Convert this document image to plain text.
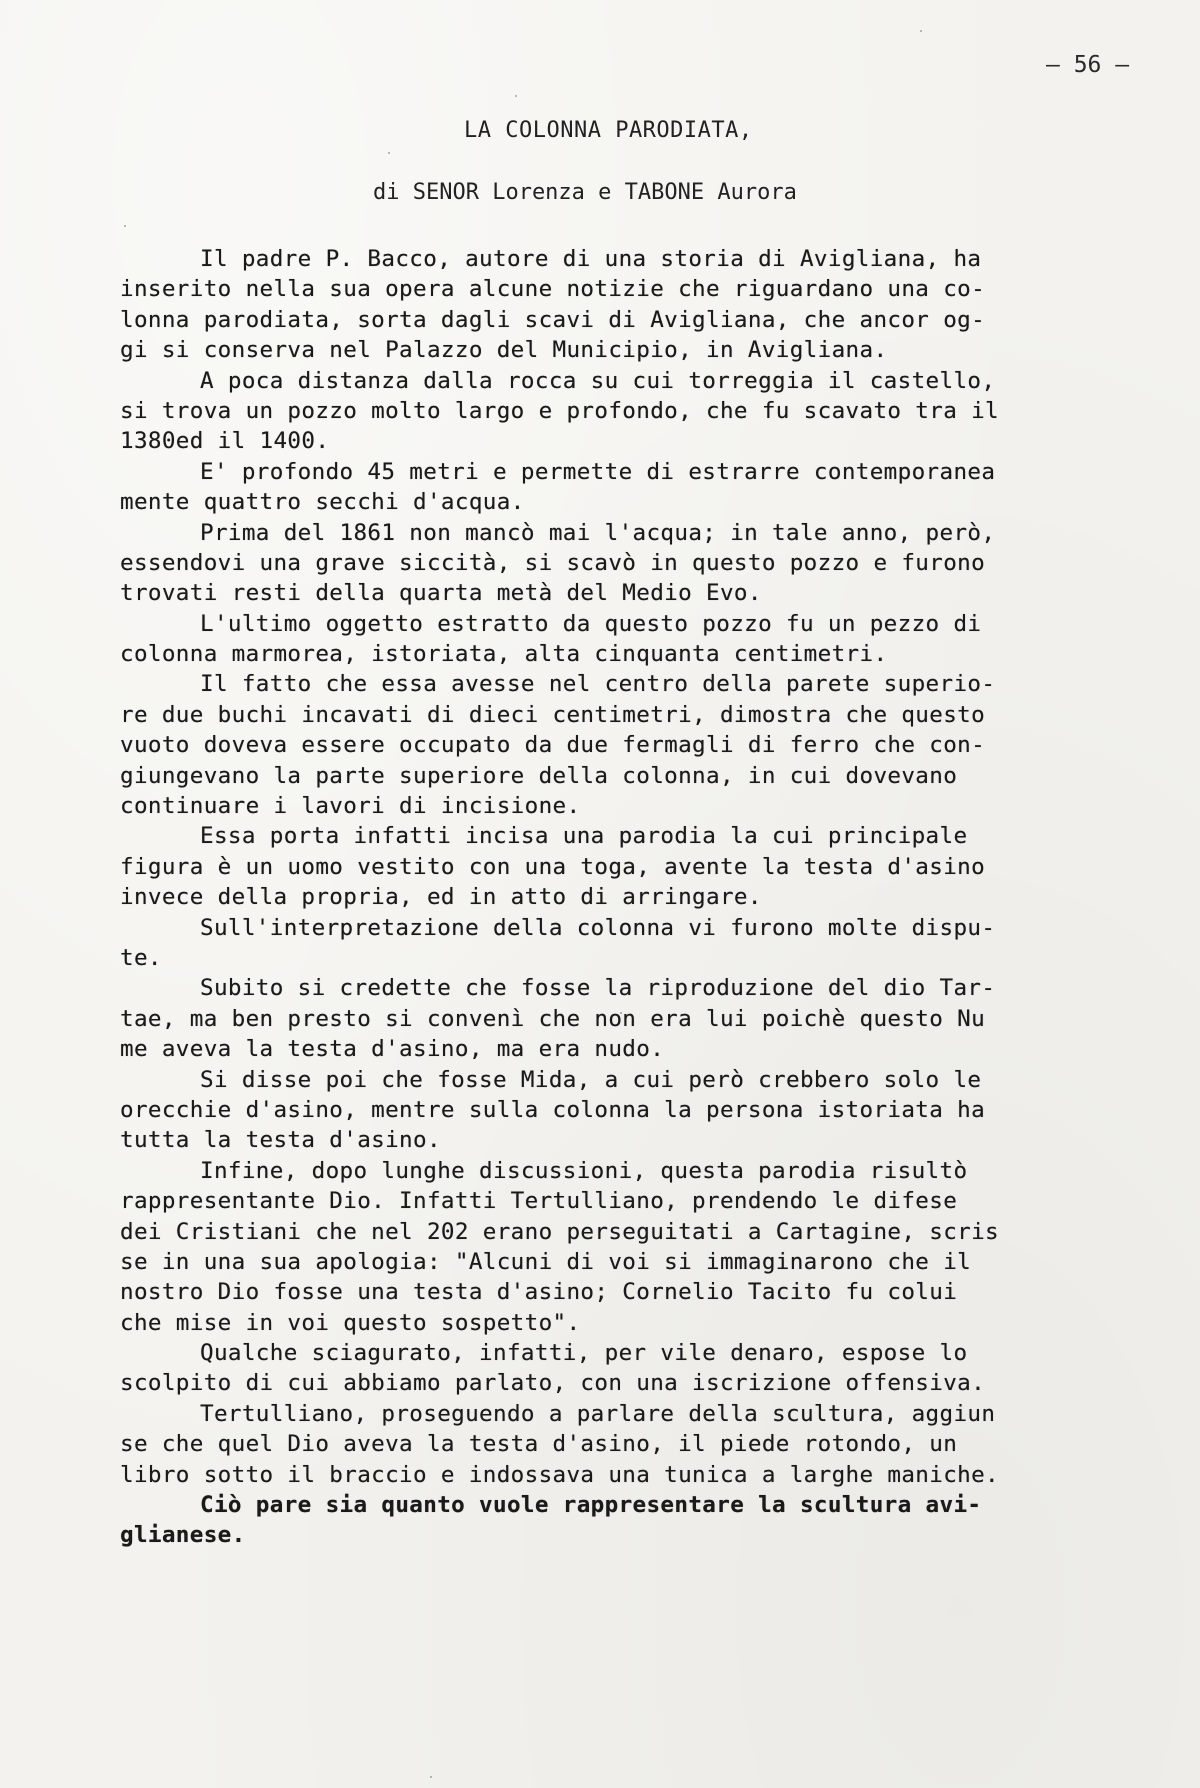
– 56 –
LA COLONNA PARODIATA,
di SENOR Lorenza e TABONE Aurora
Il padre P. Bacco, autore di una storia di Avigliana, ha
inserito nella sua opera alcune notizie che riguardano una co-
lonna parodiata, sorta dagli scavi di Avigliana, che ancor og-
gi si conserva nel Palazzo del Municipio, in Avigliana.
A poca distanza dalla rocca su cui torreggia il castello,
si trova un pozzo molto largo e profondo, che fu scavato tra il
1380ed il 1400.
E' profondo 45 metri e permette di estrarre contemporanea
mente quattro secchi d'acqua.
Prima del 1861 non mancò mai l'acqua; in tale anno, però,
essendovi una grave siccità, si scavò in questo pozzo e furono
trovati resti della quarta metà del Medio Evo.
L'ultimo oggetto estratto da questo pozzo fu un pezzo di
colonna marmorea, istoriata, alta cinquanta centimetri.
Il fatto che essa avesse nel centro della parete superio-
re due buchi incavati di dieci centimetri, dimostra che questo
vuoto doveva essere occupato da due fermagli di ferro che con-
giungevano la parte superiore della colonna, in cui dovevano
continuare i lavori di incisione.
Essa porta infatti incisa una parodia la cui principale
figura è un uomo vestito con una toga, avente la testa d'asino
invece della propria, ed in atto di arringare.
Sull'interpretazione della colonna vi furono molte dispu-
te.
Subito si credette che fosse la riproduzione del dio Tar-
tae, ma ben presto si convenì che non era lui poichè questo Nu
me aveva la testa d'asino, ma era nudo.
Si disse poi che fosse Mida, a cui però crebbero solo le
orecchie d'asino, mentre sulla colonna la persona istoriata ha
tutta la testa d'asino.
Infine, dopo lunghe discussioni, questa parodia risultò
rappresentante Dio. Infatti Tertulliano, prendendo le difese
dei Cristiani che nel 202 erano perseguitati a Cartagine, scris
se in una sua apologia: "Alcuni di voi si immaginarono che il
nostro Dio fosse una testa d'asino; Cornelio Tacito fu colui
che mise in voi questo sospetto".
Qualche sciagurato, infatti, per vile denaro, espose lo
scolpito di cui abbiamo parlato, con una iscrizione offensiva.
Tertulliano, proseguendo a parlare della scultura, aggiun
se che quel Dio aveva la testa d'asino, il piede rotondo, un
libro sotto il braccio e indossava una tunica a larghe maniche.
Ciò pare sia quanto vuole rappresentare la scultura avi-
glianese.
